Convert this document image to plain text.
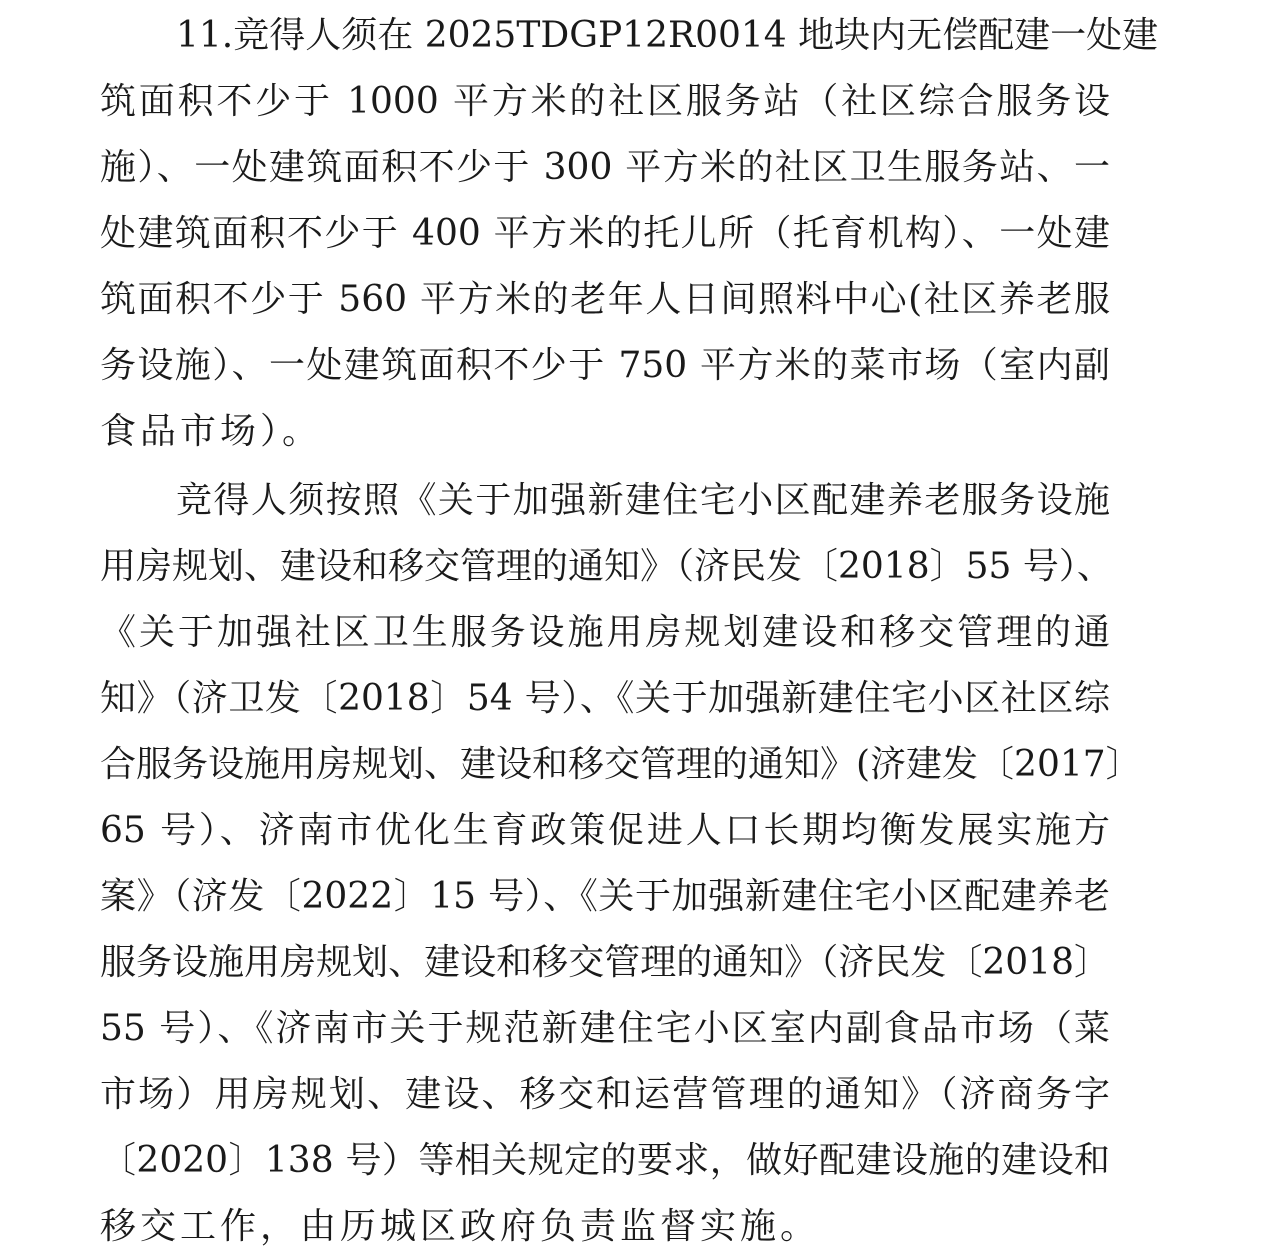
11.竞得人须在 2025TDGP12R0014 地块内无偿配建一处建
筑面积不少于 1000 平方米的社区服务站（社区综合服务设
施）、一处建筑面积不少于 300 平方米的社区卫生服务站、一
处建筑面积不少于 400 平方米的托儿所（托育机构）、一处建
筑面积不少于 560 平方米的老年人日间照料中心(社区养老服
务设施）、一处建筑面积不少于 750 平方米的菜市场（室内副
食品市场）。
竞得人须按照《关于加强新建住宅小区配建养老服务设施
用房规划、建设和移交管理的通知》（济民发〔2018〕55 号）、
《关于加强社区卫生服务设施用房规划建设和移交管理的通
知》（济卫发〔2018〕54 号）、《关于加强新建住宅小区社区综
合服务设施用房规划、建设和移交管理的通知》(济建发〔2017〕
65 号）、济南市优化生育政策促进人口长期均衡发展实施方
案》（济发〔2022〕15 号）、《关于加强新建住宅小区配建养老
服务设施用房规划、建设和移交管理的通知》（济民发〔2018〕
55 号）、《济南市关于规范新建住宅小区室内副食品市场（菜
市场）用房规划、建设、移交和运营管理的通知》（济商务字
〔2020〕138 号）等相关规定的要求，做好配建设施的建设和
移交工作，由历城区政府负责监督实施。
